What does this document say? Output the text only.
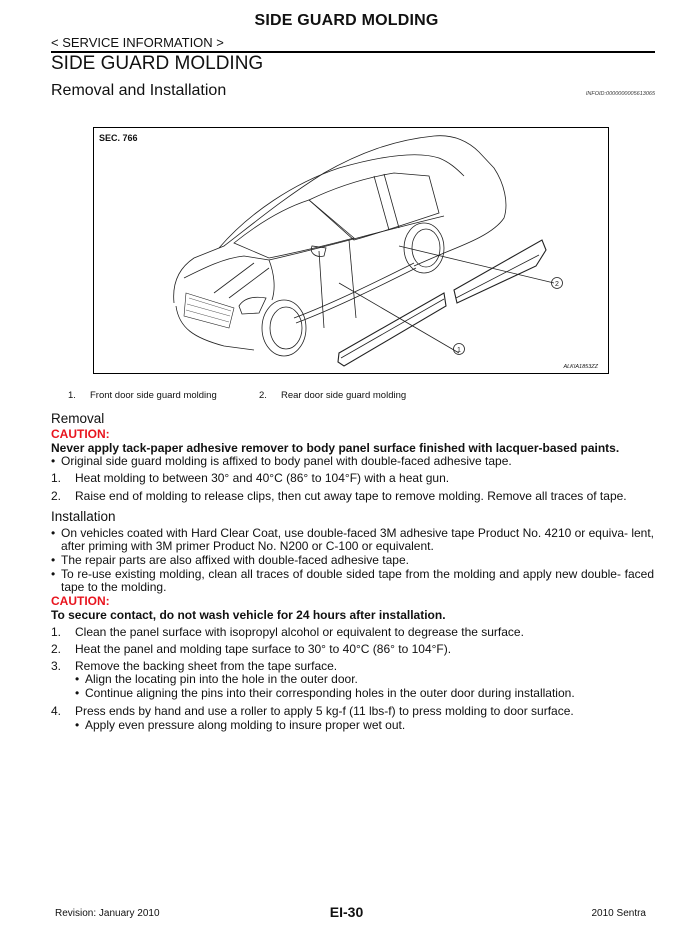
SIDE GUARD MOLDING
< SERVICE INFORMATION >
SIDE GUARD MOLDING
Removal and Installation	INFOID:0000000005613065
SEC. 766
1
2
ALKIA1853ZZ
1. Front door side guard molding	2. Rear door side guard molding
Removal
CAUTION:
Never apply tack-paper adhesive remover to body panel surface finished with lacquer-based paints.
• Original side guard molding is affixed to body panel with double-faced adhesive tape.
1.	Heat molding to between 30° and 40°C (86° to 104°F) with a heat gun.
2.	Raise end of molding to release clips, then cut away tape to remove molding. Remove all traces of tape.
Installation
• On vehicles coated with Hard Clear Coat, use double-faced 3M adhesive tape Product No. 4210 or equiva- lent, after priming with 3M primer Product No. N200 or C-100 or equivalent.
• The repair parts are also affixed with double-faced adhesive tape.
• To re-use existing molding, clean all traces of double sided tape from the molding and apply new double- faced tape to the molding.
CAUTION:
To secure contact, do not wash vehicle for 24 hours after installation.
1.	Clean the panel surface with isopropyl alcohol or equivalent to degrease the surface.
2.	Heat the panel and molding tape surface to 30° to 40°C (86° to 104°F).
3.	Remove the backing sheet from the tape surface.
• Align the locating pin into the hole in the outer door.
• Continue aligning the pins into their corresponding holes in the outer door during installation.
4.	Press ends by hand and use a roller to apply 5 kg-f (11 lbs-f) to press molding to door surface.
• Apply even pressure along molding to insure proper wet out.
Revision: January 2010	EI-30	2010 Sentra
